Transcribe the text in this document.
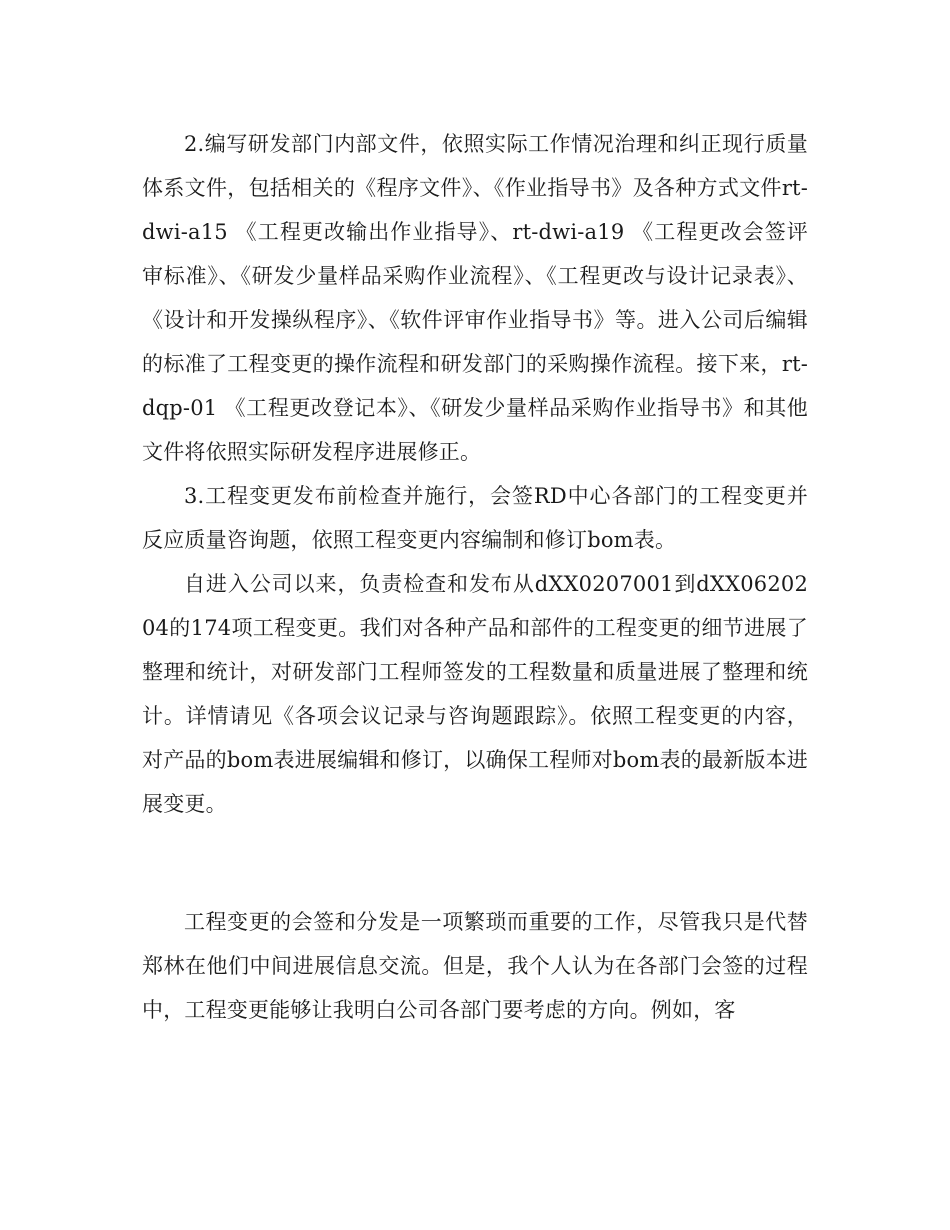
2.编写研发部门内部文件，依照实际工作情况治理和纠正现行质量体系文件，包括相关的《程序文件》、《作业指导书》及各种方式文件rt-dwi-a15 《工程更改输出作业指导》、rt-dwi-a19 《工程更改会签评审标准》、《研发少量样品采购作业流程》、《工程更改与设计记录表》、《设计和开发操纵程序》、《软件评审作业指导书》等。进入公司后编辑的标准了工程变更的操作流程和研发部门的采购操作流程。接下来，rt-dqp-01 《工程更改登记本》、《研发少量样品采购作业指导书》和其他文件将依照实际研发程序进展修正。

3.工程变更发布前检查并施行，会签RD中心各部门的工程变更并反应质量咨询题，依照工程变更内容编制和修订bom表。

自进入公司以来，负责检查和发布从dXX0207001到dXX0620204的174项工程变更。我们对各种产品和部件的工程变更的细节进展了整理和统计，对研发部门工程师签发的工程数量和质量进展了整理和统计。详情请见《各项会议记录与咨询题跟踪》。依照工程变更的内容，对产品的bom表进展编辑和修订，以确保工程师对bom表的最新版本进展变更。

工程变更的会签和分发是一项繁琐而重要的工作，尽管我只是代替郑林在他们中间进展信息交流。但是，我个人认为在各部门会签的过程中，工程变更能够让我明白公司各部门要考虑的方向。例如，客
